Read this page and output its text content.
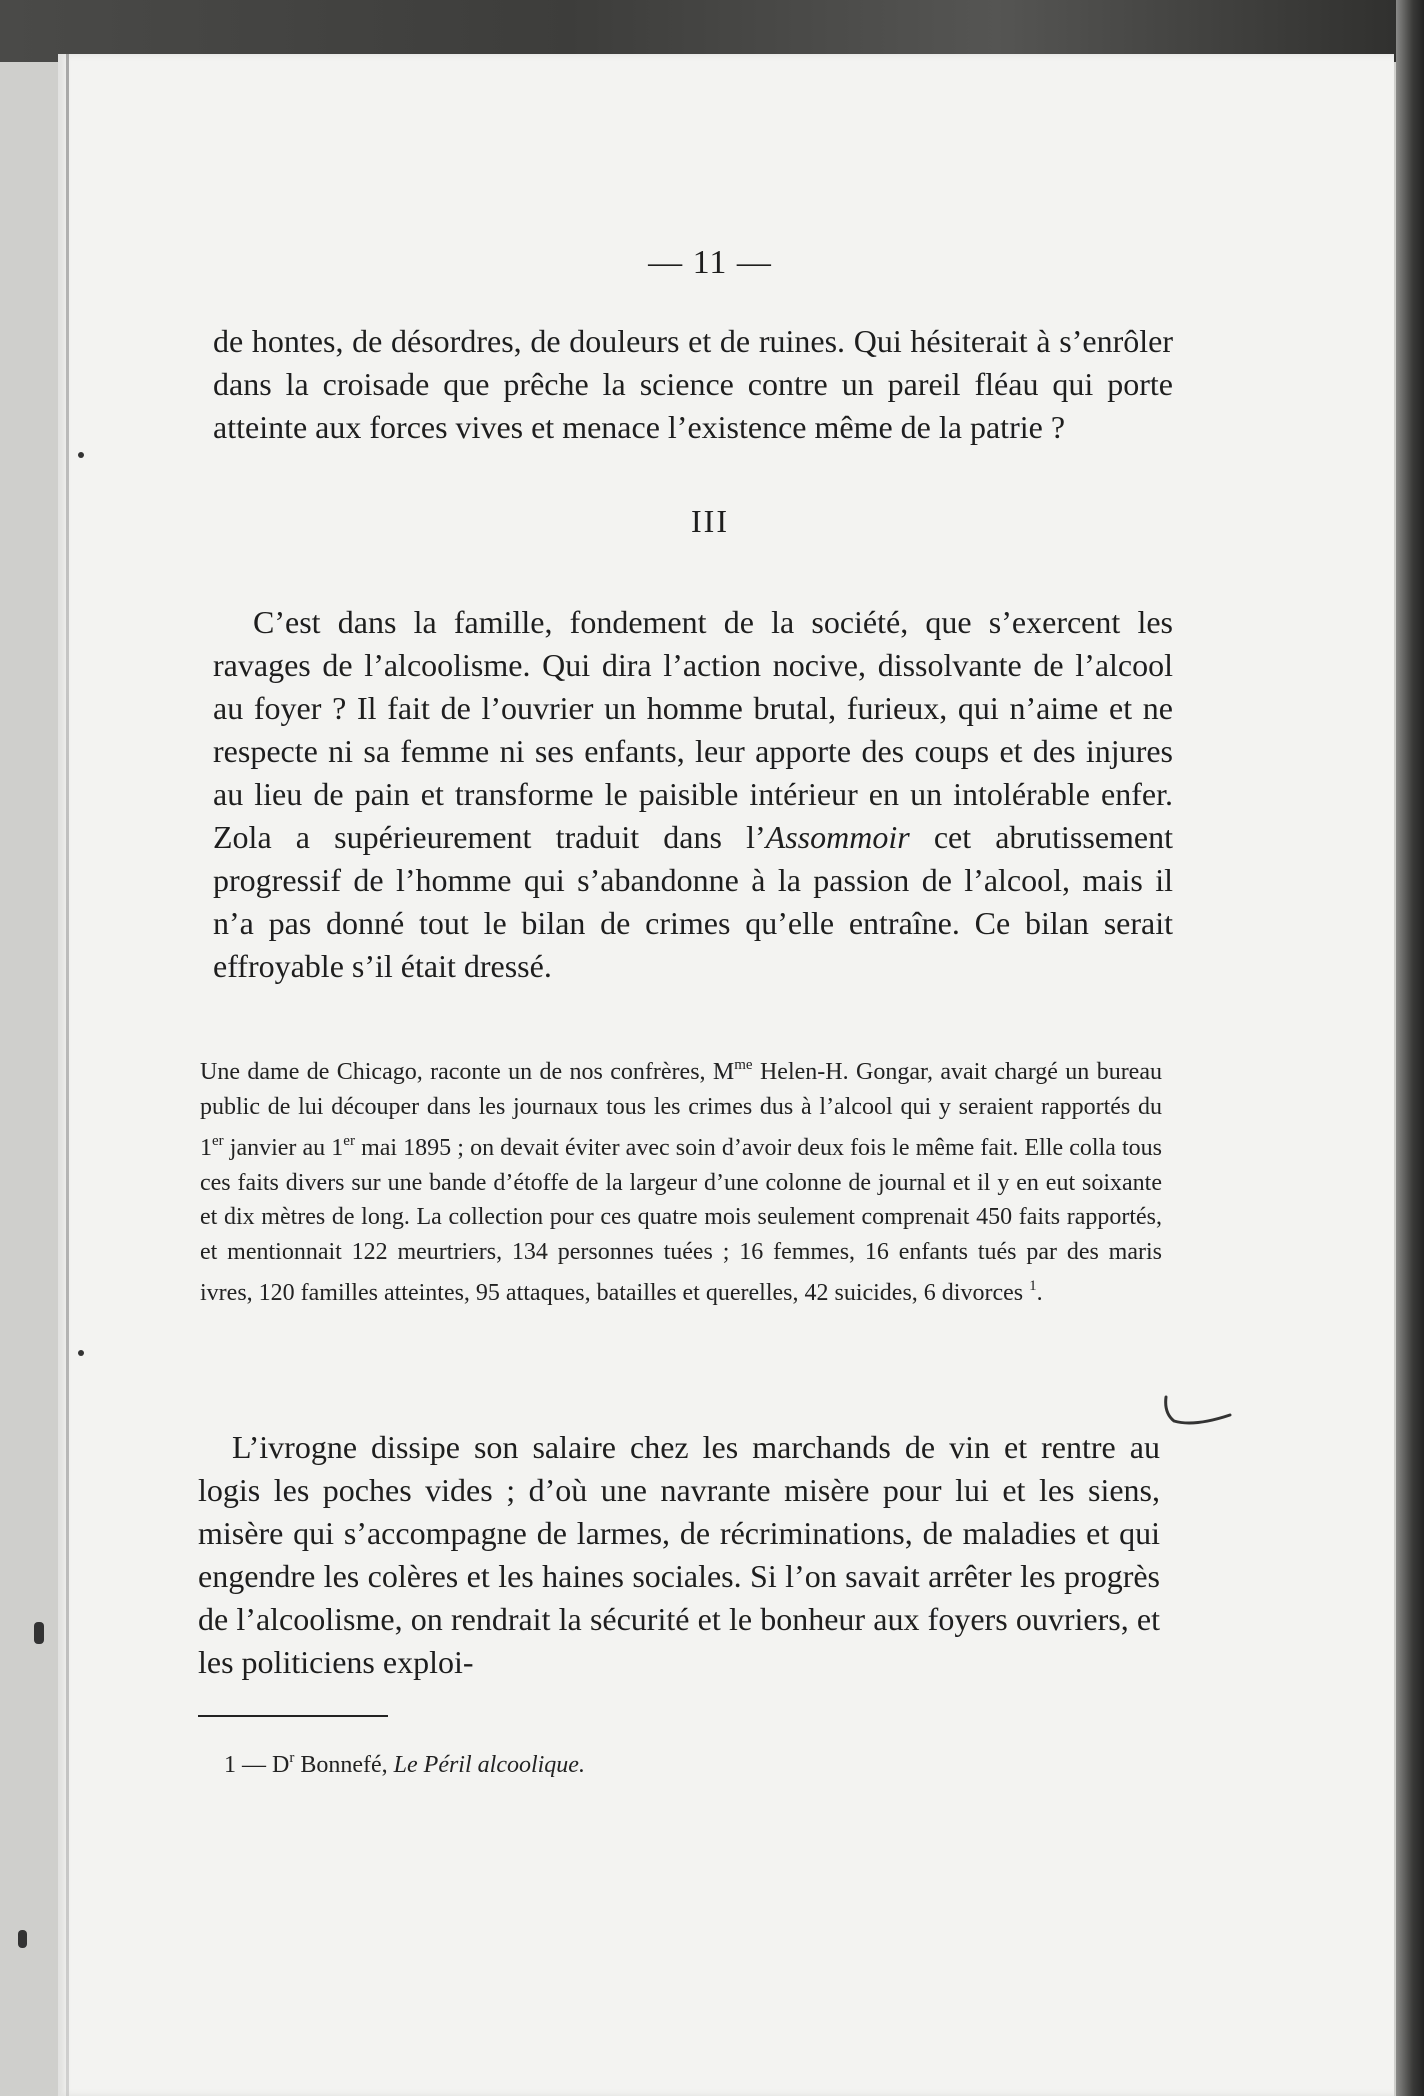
— 11 —
de hontes, de désordres, de douleurs et de ruines. Qui hésiterait à s’enrôler dans la croisade que prêche la science contre un pareil fléau qui porte atteinte aux forces vives et menace l’existence même de la patrie ?
III
C’est dans la famille, fondement de la société, que s’exercent les ravages de l’alcoolisme. Qui dira l’action nocive, dissolvante de l’alcool au foyer ? Il fait de l’ouvrier un homme brutal, furieux, qui n’aime et ne respecte ni sa femme ni ses enfants, leur apporte des coups et des injures au lieu de pain et transforme le paisible intérieur en un intolérable enfer. Zola a supérieurement traduit dans l’Assommoir cet abrutissement progressif de l’homme qui s’abandonne à la passion de l’alcool, mais il n’a pas donné tout le bilan de crimes qu’elle entraîne. Ce bilan serait effroyable s’il était dressé.
Une dame de Chicago, raconte un de nos confrères, $M^{me}$ Helen-H. Gongar, avait chargé un bureau public de lui découper dans les journaux tous les crimes dus à l’alcool qui y seraient rapportés du 1er janvier au 1er mai 1895 ; on devait éviter avec soin d’avoir deux fois le même fait. Elle colla tous ces faits divers sur une bande d’étoffe de la largeur d’une colonne de journal et il y en eut soixante et dix mètres de long. La collection pour ces quatre mois seulement comprenait 450 faits rapportés, et mentionnait 122 meurtriers, 134 personnes tuées ; 16 femmes, 16 enfants tués par des maris ivres, 120 familles atteintes, 95 attaques, batailles et querelles, 42 suicides, 6 divorces $^1$.
L’ivrogne dissipe son salaire chez les marchands de vin et rentre au logis les poches vides ; d’où une navrante misère pour lui et les siens, misère qui s’accompagne de larmes, de récriminations, de maladies et qui engendre les colères et les haines sociales. Si l’on savait arrêter les progrès de l’alcoolisme, on rendrait la sécurité et le bonheur aux foyers ouvriers, et les politiciens exploi-
1 — $D^r$ Bonnefé, Le Péril alcoolique.
